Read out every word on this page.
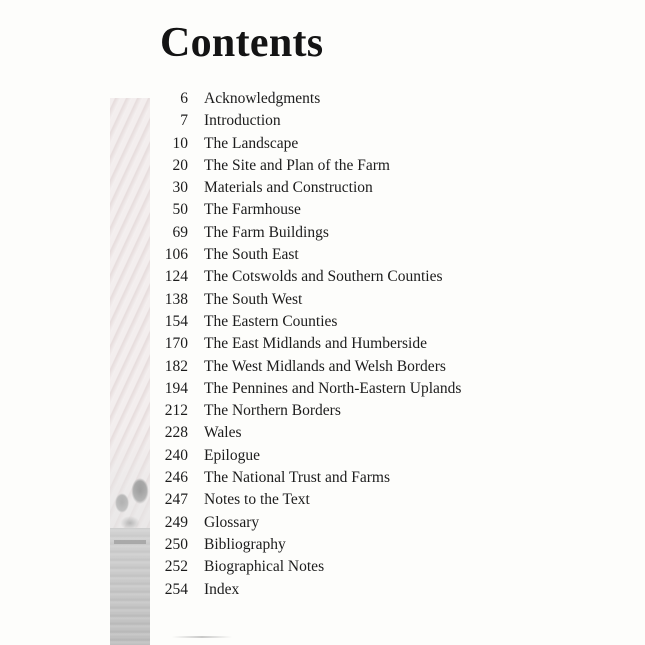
Contents
6	Acknowledgments
7	Introduction
10	The Landscape
20	The Site and Plan of the Farm
30	Materials and Construction
50	The Farmhouse
69	The Farm Buildings
106	The South East
124	The Cotswolds and Southern Counties
138	The South West
154	The Eastern Counties
170	The East Midlands and Humberside
182	The West Midlands and Welsh Borders
194	The Pennines and North-Eastern Uplands
212	The Northern Borders
228	Wales
240	Epilogue
246	The National Trust and Farms
247	Notes to the Text
249	Glossary
250	Bibliography
252	Biographical Notes
254	Index
